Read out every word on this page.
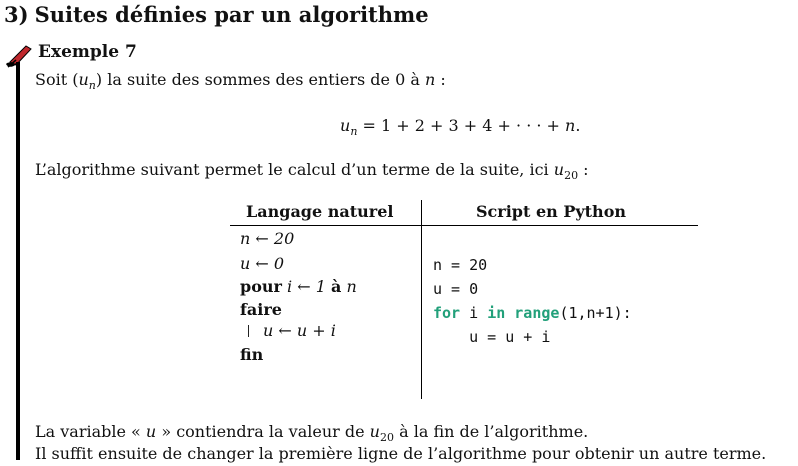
3) Suites définies par un algorithme
Exemple 7
Soit $(u_n)$ la suite des sommes des entiers de 0 à n :
$u_n = 1 + 2 + 3 + 4$ + · · · + n.
L’algorithme suivant permet le calcul d’un terme de la suite, ici $u_{20}$ :
Langage naturel	Script en Python
n ← 20
u ← 0
pour i ← 1 à n
faire
u ← u + i
fin
n = 20
u = 0
for i in range(1,n+1):
u = u + i
La variable « u » contiendra la valeur de $u_{20}$ à la fin de l’algorithme.
Il suffit ensuite de changer la première ligne de l’algorithme pour obtenir un autre terme.
